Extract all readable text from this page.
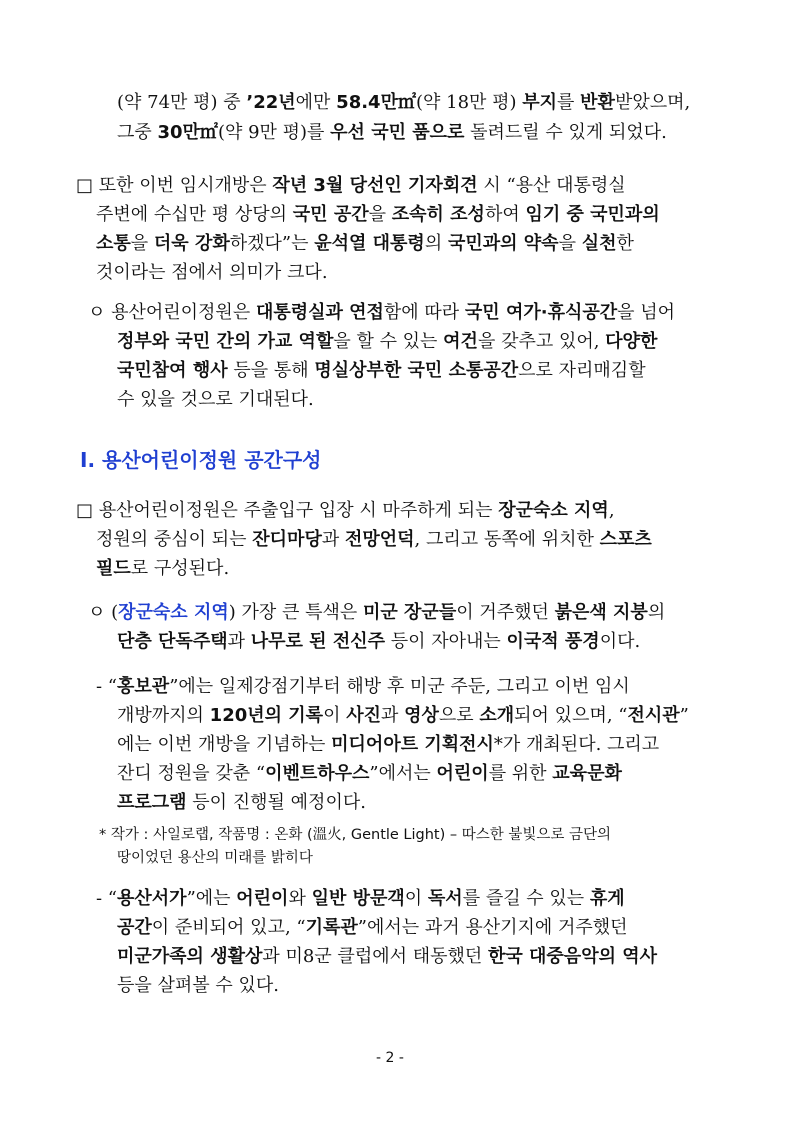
(약 74만 평) 중 ’22년에만 58.4만㎡(약 18만 평) 부지를 반환받았으며,
그중 30만㎡(약 9만 평)를 우선 국민 품으로 돌려드릴 수 있게 되었다.
□ 또한 이번 임시개방은 작년 3월 당선인 기자회견 시 “용산 대통령실
주변에 수십만 평 상당의 국민 공간을 조속히 조성하여 임기 중 국민과의
소통을 더욱 강화하겠다”는 윤석열 대통령의 국민과의 약속을 실천한
것이라는 점에서 의미가 크다.
ㅇ 용산어린이정원은 대통령실과 연접함에 따라 국민 여가·휴식공간을 넘어
정부와 국민 간의 가교 역할을 할 수 있는 여건을 갖추고 있어, 다양한
국민참여 행사 등을 통해 명실상부한 국민 소통공간으로 자리매김할
수 있을 것으로 기대된다.
Ⅰ. 용산어린이정원 공간구성
□ 용산어린이정원은 주출입구 입장 시 마주하게 되는 장군숙소 지역,
정원의 중심이 되는 잔디마당과 전망언덕, 그리고 동쪽에 위치한 스포츠
필드로 구성된다.
ㅇ (장군숙소 지역) 가장 큰 특색은 미군 장군들이 거주했던 붉은색 지붕의
단층 단독주택과 나무로 된 전신주 등이 자아내는 이국적 풍경이다.
- “홍보관”에는 일제강점기부터 해방 후 미군 주둔, 그리고 이번 임시
개방까지의 120년의 기록이 사진과 영상으로 소개되어 있으며, “전시관”
에는 이번 개방을 기념하는 미디어아트 기획전시*가 개최된다. 그리고
잔디 정원을 갖춘 “이벤트하우스”에서는 어린이를 위한 교육문화
프로그램 등이 진행될 예정이다.
* 작가 : 사일로랩, 작품명 : 온화 (溫火, Gentle Light) – 따스한 불빛으로 금단의
땅이었던 용산의 미래를 밝히다
- “용산서가”에는 어린이와 일반 방문객이 독서를 즐길 수 있는 휴게
공간이 준비되어 있고, “기록관”에서는 과거 용산기지에 거주했던
미군가족의 생활상과 미8군 클럽에서 태동했던 한국 대중음악의 역사
등을 살펴볼 수 있다.
- 2 -
